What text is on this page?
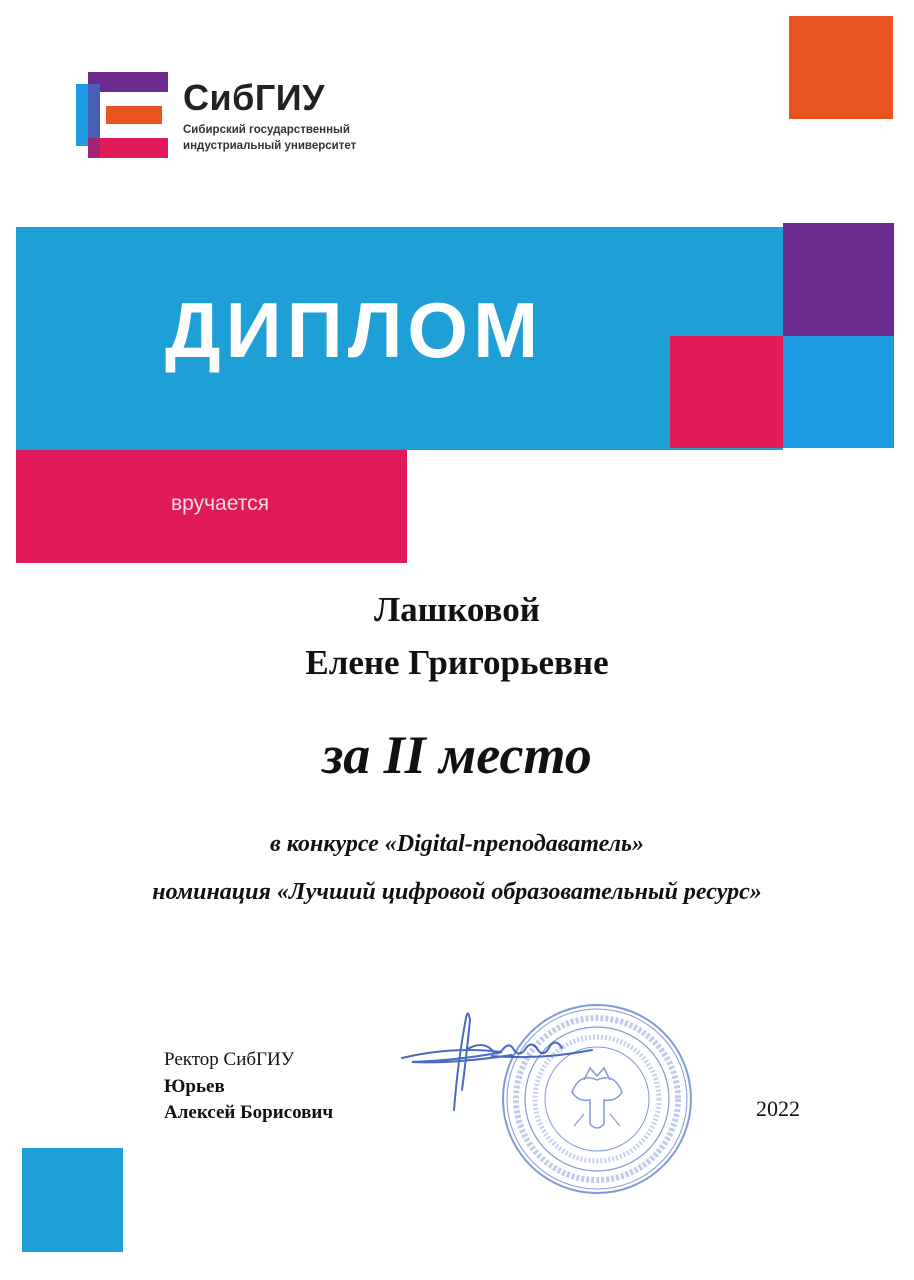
СибГИУ
Сибирский государственный
индустриальный университет
ДИПЛОМ
вручается
Лашковой
Елене Григорьевне
за II место
в конкурсе «Digital-преподаватель»
номинация «Лучший цифровой образовательный ресурс»
Ректор СибГИУ
Юрьев
Алексей Борисович	2022
